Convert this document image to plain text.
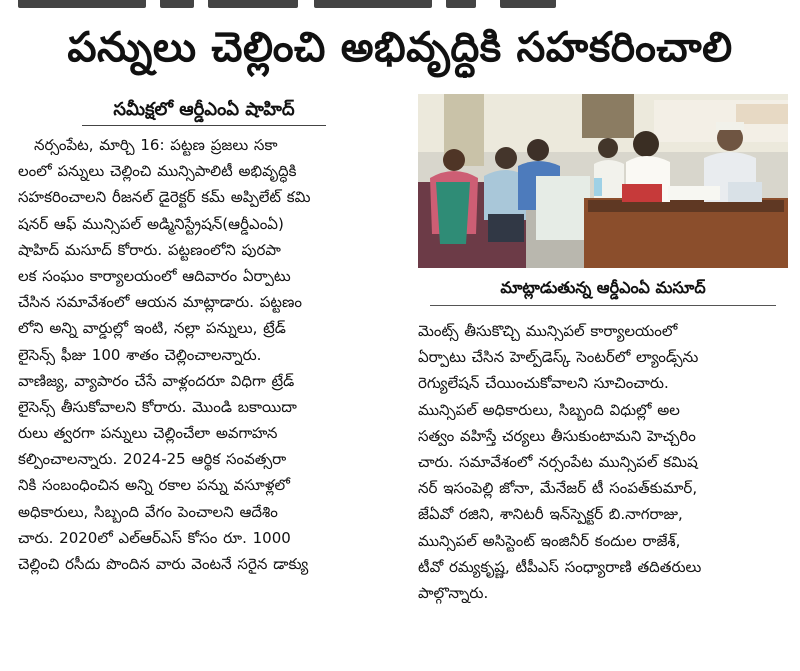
పన్నులు చెల్లించి అభివృద్ధికి సహకరించాలి
సమీక్షలో ఆర్డీఎంఏ షాహిద్
నర్సంపేట, మార్చి 16: పట్టణ ప్రజలు సకా
లంలో పన్నులు చెల్లించి మున్సిపాలిటీ అభివృద్ధికి
సహకరించాలని రీజనల్ డైరెక్టర్ కమ్ అప్పిలేట్ కమి
షనర్ ఆఫ్ మున్సిపల్ అడ్మినిస్ట్రేషన్(ఆర్డీఎంఏ)
షాహిద్ మసూద్ కోరారు. పట్టణంలోని పురపా
లక సంఘం కార్యాలయంలో ఆదివారం ఏర్పాటు
చేసిన సమావేశంలో ఆయన మాట్లాడారు. పట్టణం
లోని అన్ని వార్డుల్లో ఇంటి, నల్లా పన్నులు, ట్రేడ్
లైసెన్స్ ఫీజు 100 శాతం చెల్లించాలన్నారు.
వాణిజ్య, వ్యాపారం చేసే వాళ్లందరూ విధిగా ట్రేడ్
లైసెన్స్ తీసుకోవాలని కోరారు. మొండి బకాయిదా
రులు త్వరగా పన్నులు చెల్లించేలా అవగాహన
కల్పించాలన్నారు. 2024-25 ఆర్థిక సంవత్సరా
నికి సంబంధించిన అన్ని రకాల పన్ను వసూళ్లలో
అధికారులు, సిబ్బంది వేగం పెంచాలని ఆదేశిం
చారు. 2020లో ఎల్ఆర్ఎస్ కోసం రూ. 1000
చెల్లించి రసీదు పొందిన వారు వెంటనే సరైన డాక్యు
మాట్లాడుతున్న ఆర్డీఎంఏ మసూద్
మెంట్స్ తీసుకొచ్చి మున్సిపల్ కార్యాలయంలో
ఏర్పాటు చేసిన హెల్ప్‌డెస్క్ సెంటర్‌లో ల్యాండ్స్‌ను
రెగ్యులేషన్ చేయించుకోవాలని సూచించారు.
మున్సిపల్ అధికారులు, సిబ్బంది విధుల్లో అల
సత్వం వహిస్తే చర్యలు తీసుకుంటామని హెచ్చరిం
చారు. సమావేశంలో నర్సంపేట మున్సిపల్ కమిష
నర్ ఇసంపెల్లి జోనా, మేనేజర్ టీ సంపత్‌కుమార్,
జేఏవో రజిని, శానిటరీ ఇన్‌స్పెక్టర్ బి.నాగరాజు,
మున్సిపల్ అసిస్టెంట్ ఇంజినీర్ కందుల రాజేశ్,
టీవో రమ్యకృష్ణ, టీపీఎస్ సంధ్యారాణి తదితరులు
పాల్గొన్నారు.
